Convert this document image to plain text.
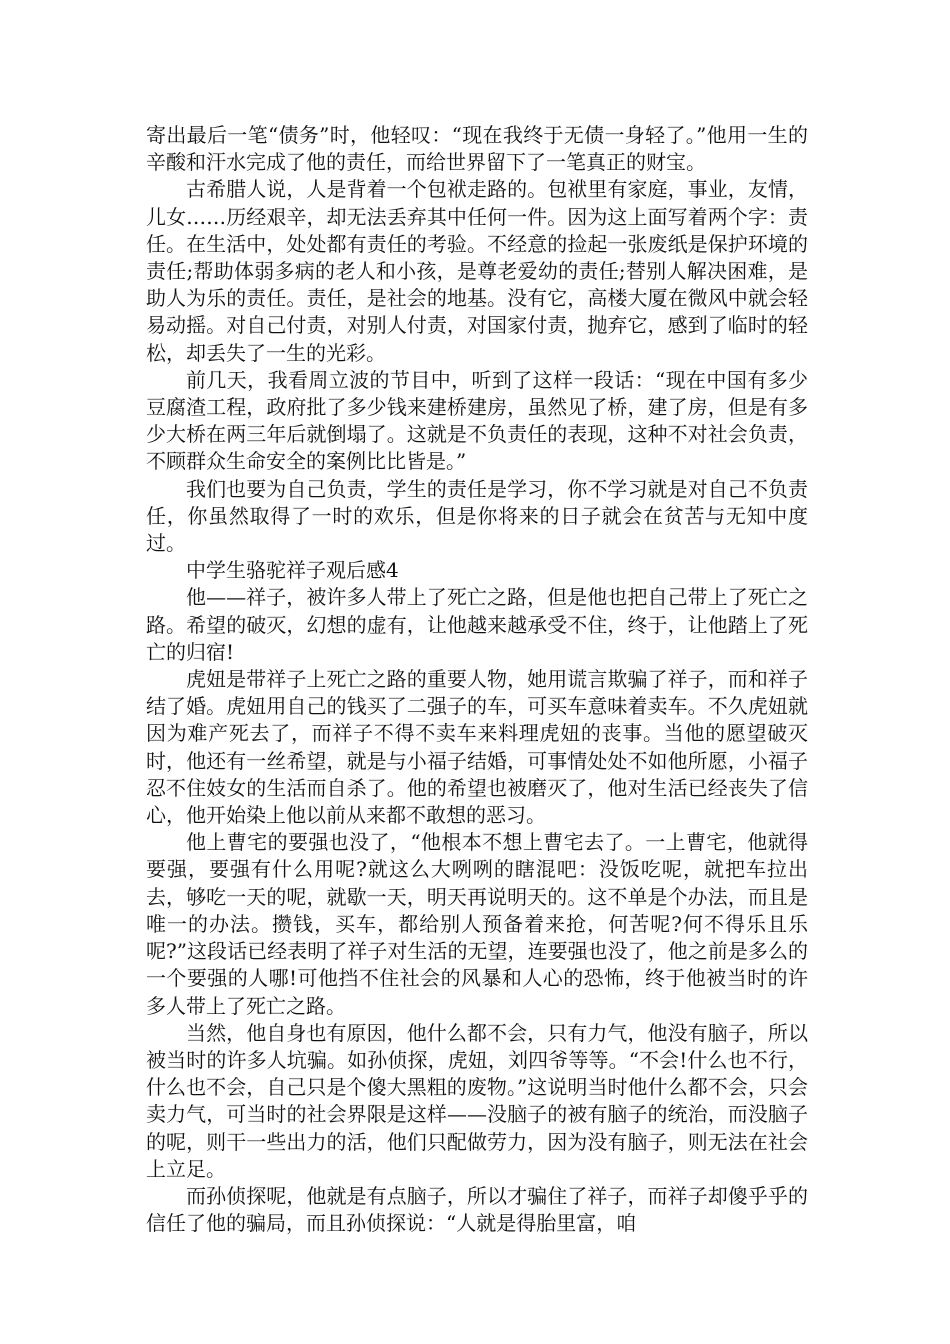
寄出最后一笔“债务”时，他轻叹：“现在我终于无债一身轻了。”他用一生的辛酸和汗水完成了他的责任，而给世界留下了一笔真正的财宝。

古希腊人说，人是背着一个包袱走路的。包袱里有家庭，事业，友情，儿女……历经艰辛，却无法丢弃其中任何一件。因为这上面写着两个字：责任。在生活中，处处都有责任的考验。不经意的捡起一张废纸是保护环境的责任;帮助体弱多病的老人和小孩，是尊老爱幼的责任;替别人解决困难，是助人为乐的责任。责任，是社会的地基。没有它，高楼大厦在微风中就会轻易动摇。对自己付责，对别人付责，对国家付责，抛弃它，感到了临时的轻松，却丢失了一生的光彩。

前几天，我看周立波的节目中，听到了这样一段话：“现在中国有多少豆腐渣工程，政府批了多少钱来建桥建房，虽然见了桥，建了房，但是有多少大桥在两三年后就倒塌了。这就是不负责任的表现，这种不对社会负责，不顾群众生命安全的案例比比皆是。”

我们也要为自己负责，学生的责任是学习，你不学习就是对自己不负责任，你虽然取得了一时的欢乐，但是你将来的日子就会在贫苦与无知中度过。

中学生骆驼祥子观后感4

他——祥子，被许多人带上了死亡之路，但是他也把自己带上了死亡之路。希望的破灭，幻想的虚有，让他越来越承受不住，终于，让他踏上了死亡的归宿!

虎妞是带祥子上死亡之路的重要人物，她用谎言欺骗了祥子，而和祥子结了婚。虎妞用自己的钱买了二强子的车，可买车意味着卖车。不久虎妞就因为难产死去了，而祥子不得不卖车来料理虎妞的丧事。当他的愿望破灭时，他还有一丝希望，就是与小福子结婚，可事情处处不如他所愿，小福子忍不住妓女的生活而自杀了。他的希望也被磨灭了，他对生活已经丧失了信心，他开始染上他以前从来都不敢想的恶习。

他上曹宅的要强也没了，“他根本不想上曹宅去了。一上曹宅，他就得要强，要强有什么用呢?就这么大咧咧的瞎混吧：没饭吃呢，就把车拉出去，够吃一天的呢，就歇一天，明天再说明天的。这不单是个办法，而且是唯一的办法。攒钱，买车，都给别人预备着来抢，何苦呢?何不得乐且乐呢?”这段话已经表明了祥子对生活的无望，连要强也没了，他之前是多么的一个要强的人哪!可他挡不住社会的风暴和人心的恐怖，终于他被当时的许多人带上了死亡之路。

当然，他自身也有原因，他什么都不会，只有力气，他没有脑子，所以被当时的许多人坑骗。如孙侦探，虎妞，刘四爷等等。“不会!什么也不行，什么也不会，自己只是个傻大黑粗的废物。”这说明当时他什么都不会，只会卖力气，可当时的社会界限是这样——没脑子的被有脑子的统治，而没脑子的呢，则干一些出力的活，他们只配做劳力，因为没有脑子，则无法在社会上立足。

而孙侦探呢，他就是有点脑子，所以才骗住了祥子，而祥子却傻乎乎的信任了他的骗局，而且孙侦探说：“人就是得胎里富，咱
